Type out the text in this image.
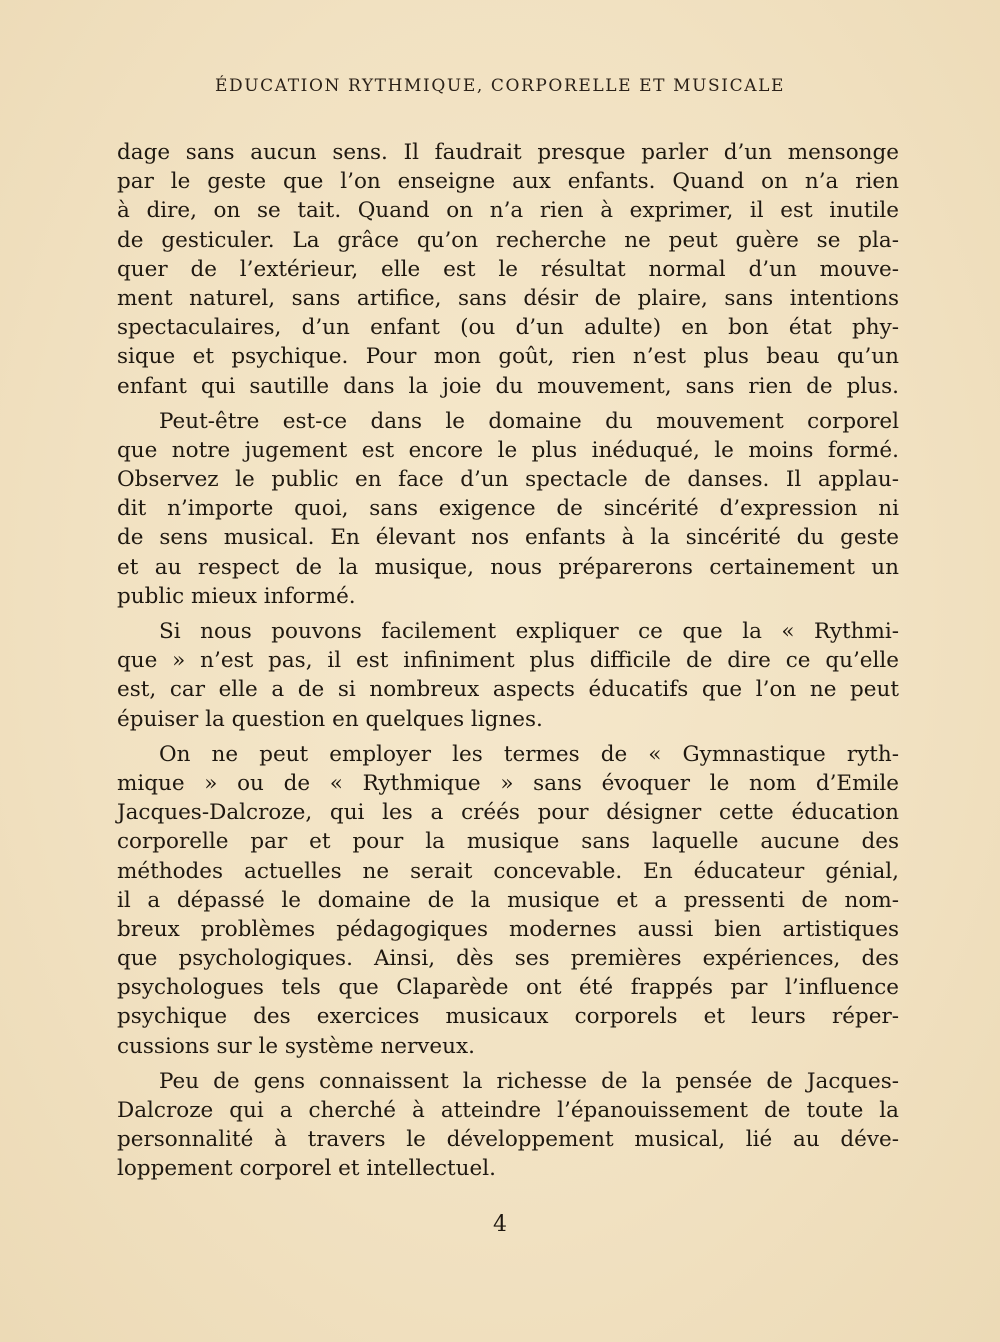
ÉDUCATION RYTHMIQUE, CORPORELLE ET MUSICALE
dage sans aucun sens. Il faudrait presque parler d’un mensonge
par le geste que l’on enseigne aux enfants. Quand on n’a rien
à dire, on se tait. Quand on n’a rien à exprimer, il est inutile
de gesticuler. La grâce qu’on recherche ne peut guère se pla-
quer de l’extérieur, elle est le résultat normal d’un mouve-
ment naturel, sans artifice, sans désir de plaire, sans intentions
spectaculaires, d’un enfant (ou d’un adulte) en bon état phy-
sique et psychique. Pour mon goût, rien n’est plus beau qu’un
enfant qui sautille dans la joie du mouvement, sans rien de plus.
Peut-être est-ce dans le domaine du mouvement corporel
que notre jugement est encore le plus inéduqué, le moins formé.
Observez le public en face d’un spectacle de danses. Il applau-
dit n’importe quoi, sans exigence de sincérité d’expression ni
de sens musical. En élevant nos enfants à la sincérité du geste
et au respect de la musique, nous préparerons certainement un
public mieux informé.
Si nous pouvons facilement expliquer ce que la « Rythmi-
que » n’est pas, il est infiniment plus difficile de dire ce qu’elle
est, car elle a de si nombreux aspects éducatifs que l’on ne peut
épuiser la question en quelques lignes.
On ne peut employer les termes de « Gymnastique ryth-
mique » ou de « Rythmique » sans évoquer le nom d’Emile
Jacques-Dalcroze, qui les a créés pour désigner cette éducation
corporelle par et pour la musique sans laquelle aucune des
méthodes actuelles ne serait concevable. En éducateur génial,
il a dépassé le domaine de la musique et a pressenti de nom-
breux problèmes pédagogiques modernes aussi bien artistiques
que psychologiques. Ainsi, dès ses premières expériences, des
psychologues tels que Claparède ont été frappés par l’influence
psychique des exercices musicaux corporels et leurs réper-
cussions sur le système nerveux.
Peu de gens connaissent la richesse de la pensée de Jacques-
Dalcroze qui a cherché à atteindre l’épanouissement de toute la
personnalité à travers le développement musical, lié au déve-
loppement corporel et intellectuel.
4
